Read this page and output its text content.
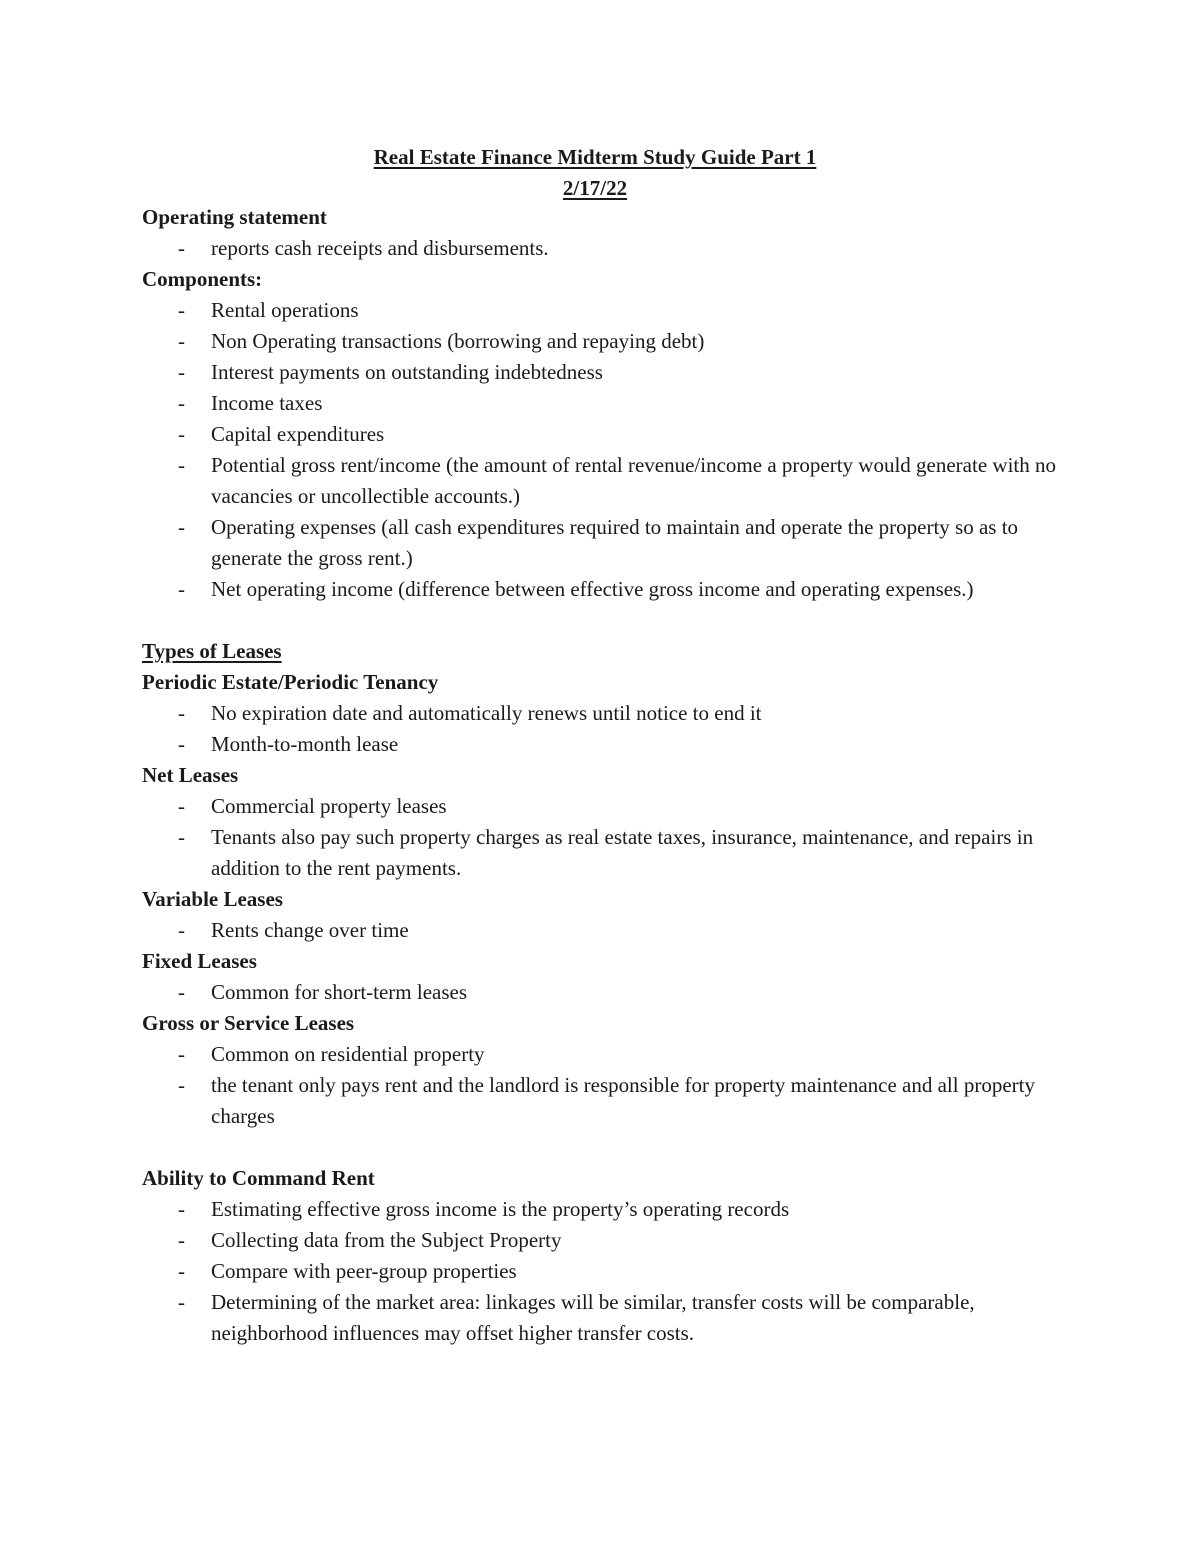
Real Estate Finance Midterm Study Guide Part 1
2/17/22

Operating statement

- reports cash receipts and disbursements.

Components:

- Rental operations
- Non Operating transactions (borrowing and repaying debt)
- Interest payments on outstanding indebtedness
- Income taxes
- Capital expenditures
- Potential gross rent/income (the amount of rental revenue/income a property would generate with no vacancies or uncollectible accounts.)
- Operating expenses (all cash expenditures required to maintain and operate the property so as to generate the gross rent.)
- Net operating income (difference between effective gross income and operating expenses.)

Types of Leases

Periodic Estate/Periodic Tenancy

- No expiration date and automatically renews until notice to end it
- Month-to-month lease

Net Leases

- Commercial property leases
- Tenants also pay such property charges as real estate taxes, insurance, maintenance, and repairs in addition to the rent payments.

Variable Leases

- Rents change over time

Fixed Leases

- Common for short-term leases

Gross or Service Leases

- Common on residential property
- the tenant only pays rent and the landlord is responsible for property maintenance and all property charges

Ability to Command Rent

- Estimating effective gross income is the property’s operating records
- Collecting data from the Subject Property
- Compare with peer-group properties
- Determining of the market area: linkages will be similar, transfer costs will be comparable, neighborhood influences may offset higher transfer costs.
